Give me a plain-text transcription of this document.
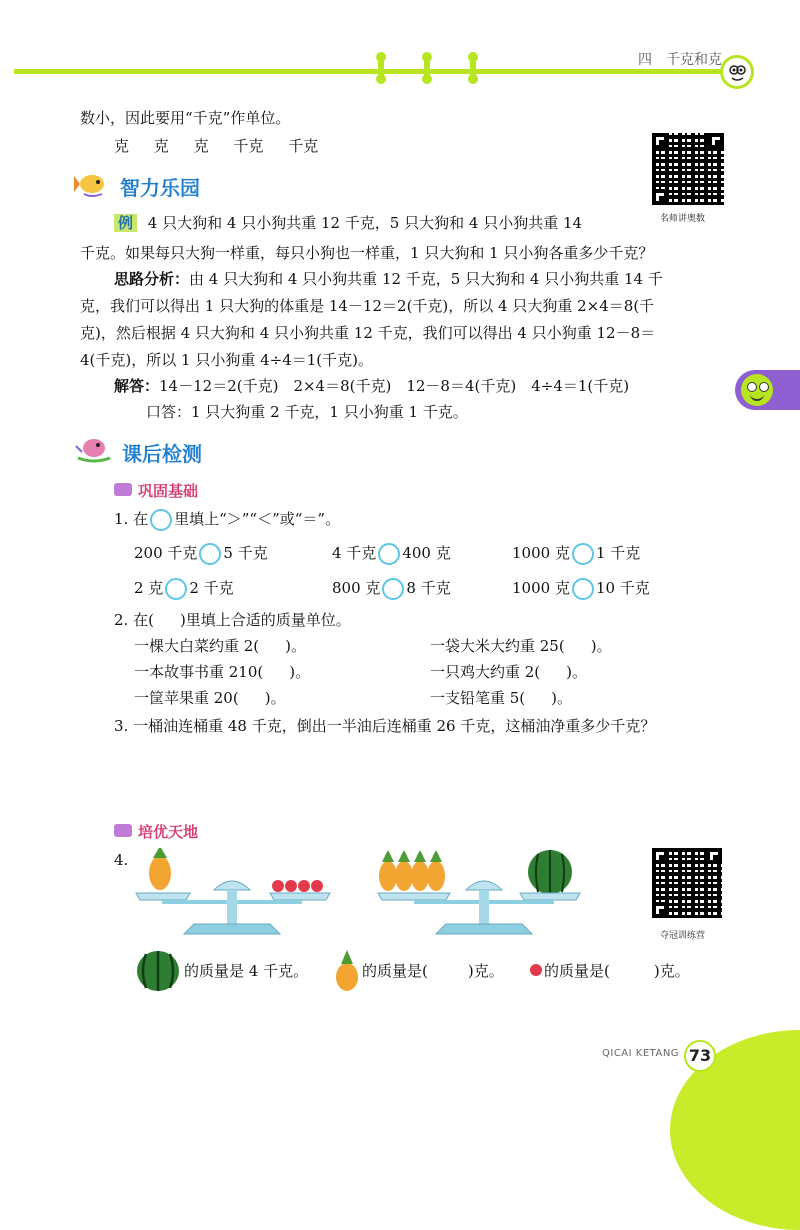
四　千克和克
数小，因此要用“千克”作单位。
克 克 克 千克 千克
名师讲奥数
智力乐园
例 4 只大狗和 4 只小狗共重 12 千克，5 只大狗和 4 只小狗共重 14
千克。如果每只大狗一样重，每只小狗也一样重，1 只大狗和 1 只小狗各重多少千克？
思路分析：由 4 只大狗和 4 只小狗共重 12 千克，5 只大狗和 4 只小狗共重 14 千
克，我们可以得出 1 只大狗的体重是 14－12＝2(千克)，所以 4 只大狗重 2×4＝8(千
克)，然后根据 4 只大狗和 4 只小狗共重 12 千克，我们可以得出 4 只小狗重 12－8＝
4(千克)，所以 1 只小狗重 4÷4＝1(千克)。
解答：14－12＝2(千克)　2×4＝8(千克)　12－8＝4(千克)　4÷4＝1(千克)
口答：1 只大狗重 2 千克，1 只小狗重 1 千克。
课后检测
巩固基础
1. 在 里填上“＞”“＜”或“＝”。
200 千克 5 千克	4 千克 400 克	1000 克 1 千克
2 克 2 千克	800 克 8 千克	1000 克 10 千克
2. 在( )里填上合适的质量单位。
一棵大白菜约重 2( )。	一袋大米大约重 25( )。
一本故事书重 210( )。	一只鸡大约重 2( )。
一筐苹果重 20( )。	一支铅笔重 5( )。
3. 一桶油连桶重 48 千克，倒出一半油后连桶重 26 千克，这桶油净重多少千克？
培优天地
4.
夺冠训练营
的质量是 4 千克。	的质量是(	)克。	的质量是(	)克。
QICAI KETANG 73
